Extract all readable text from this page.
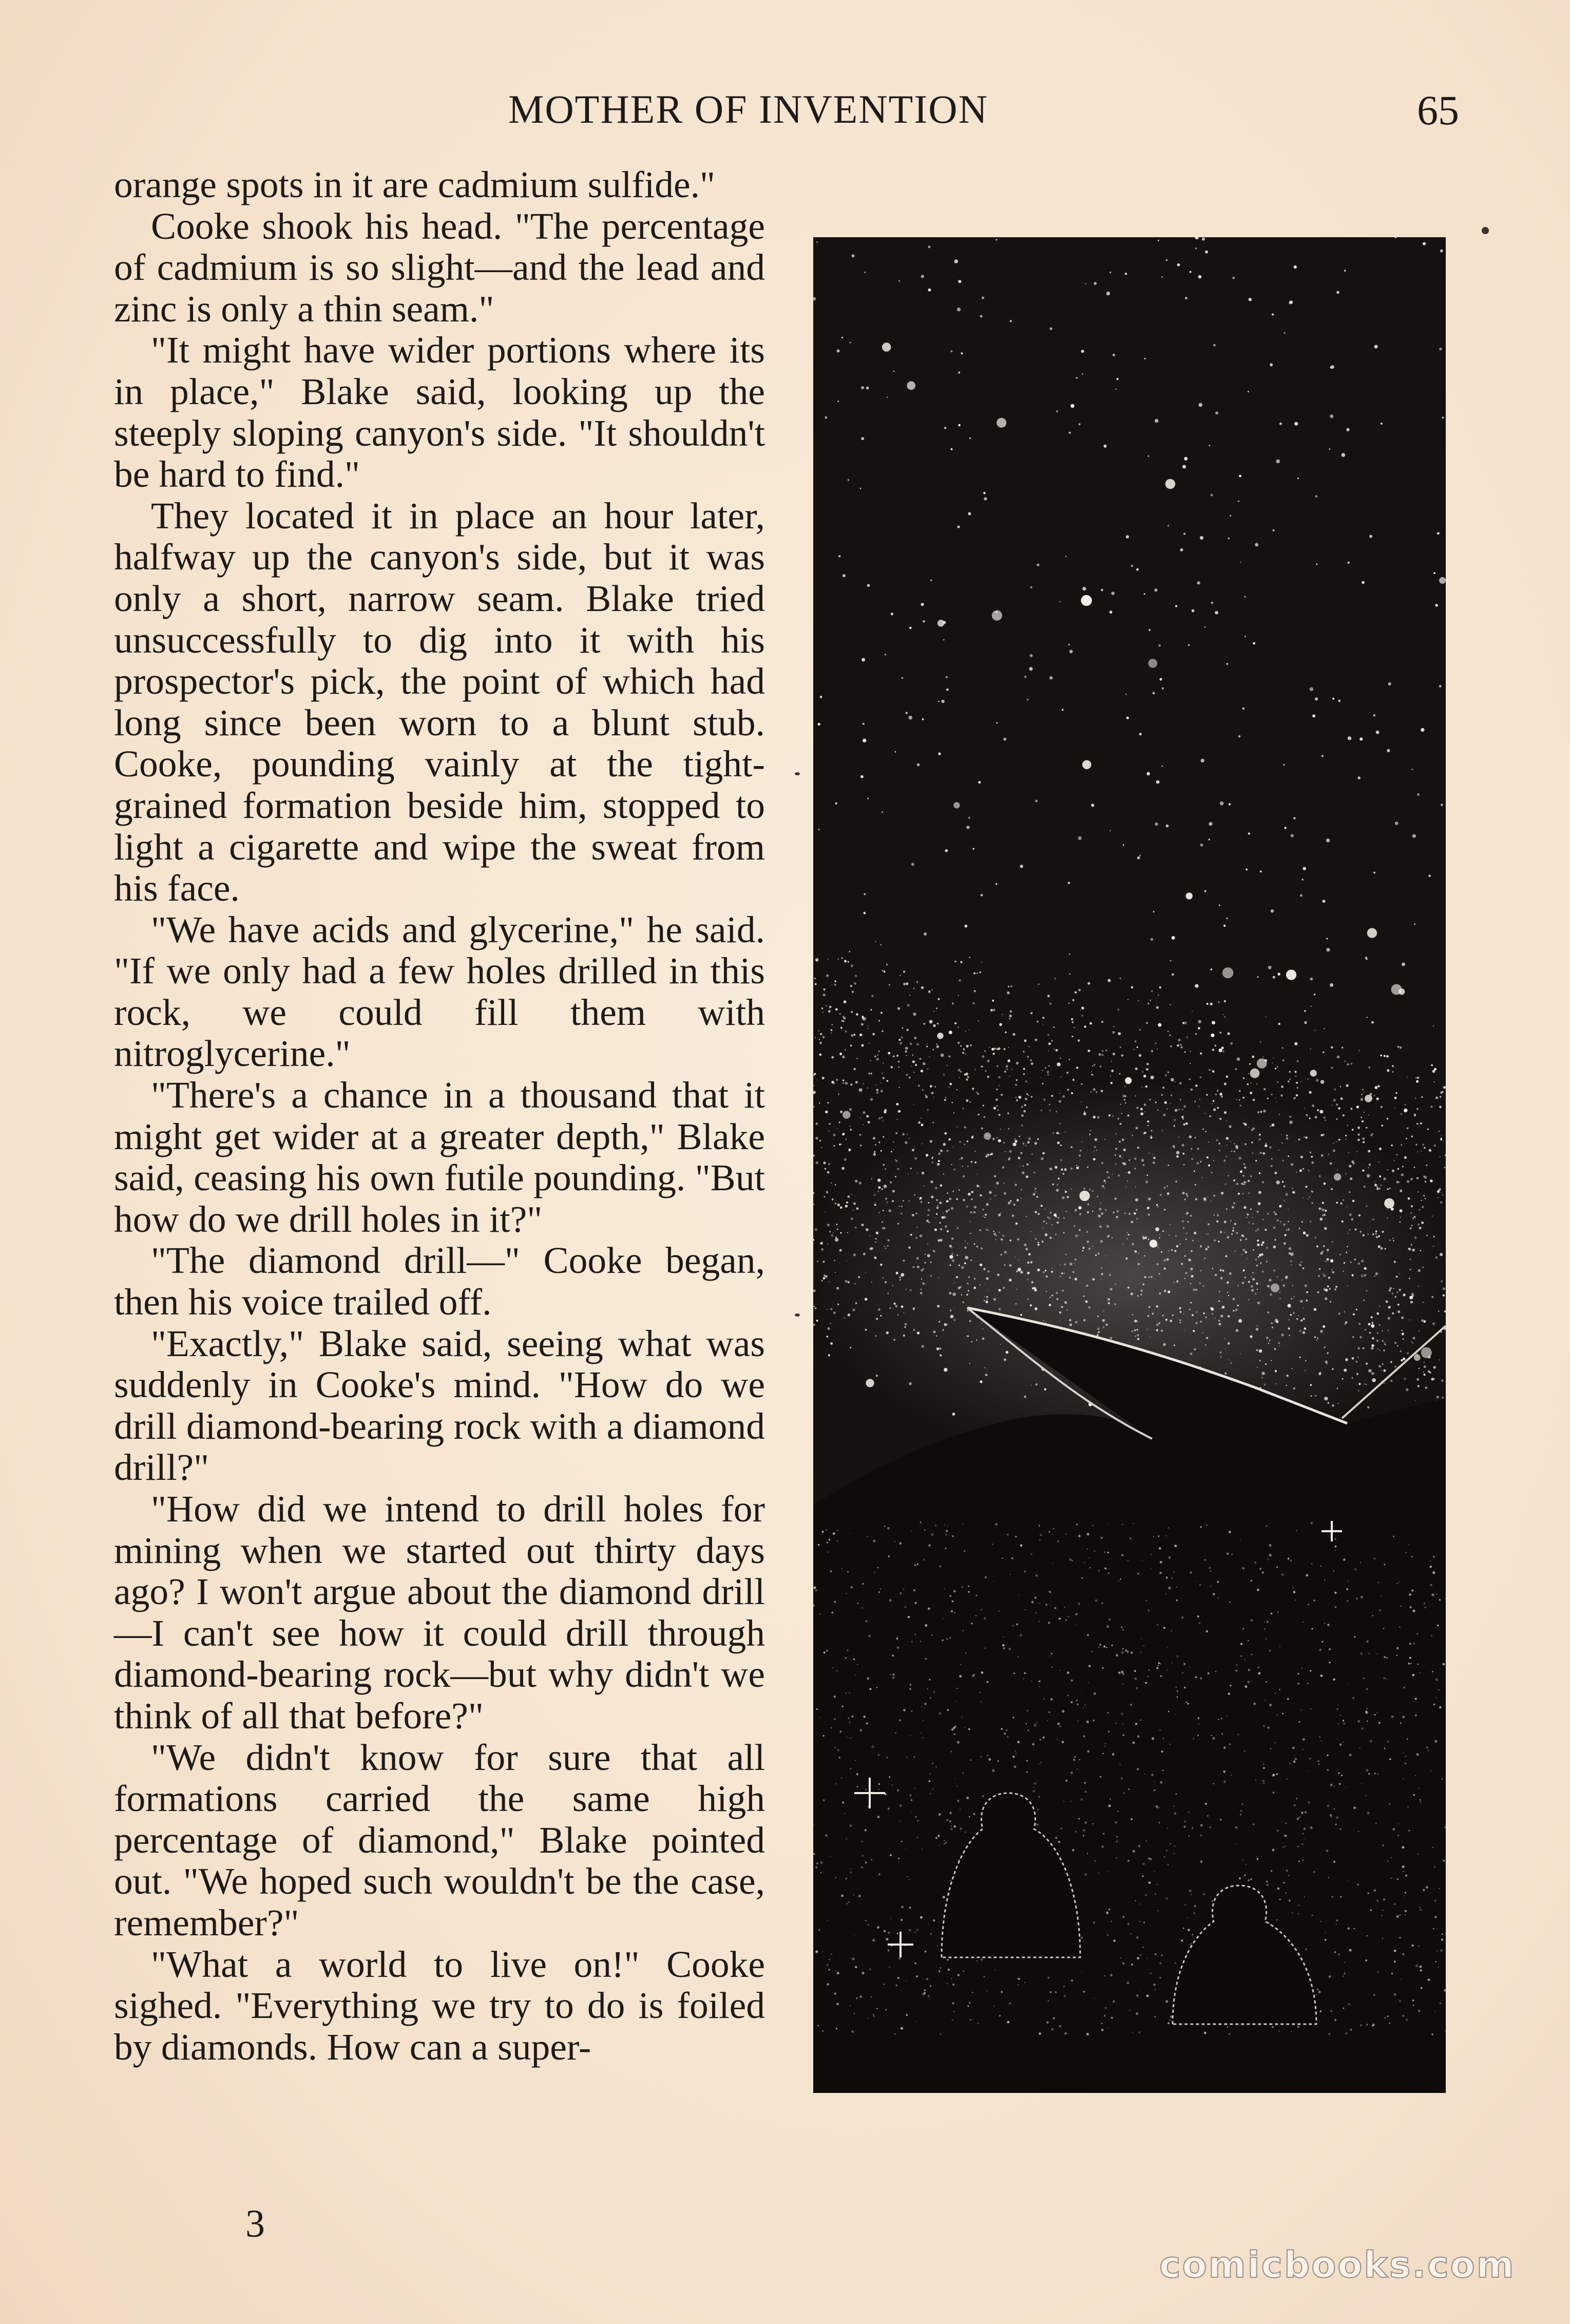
MOTHER OF INVENTION	65

orange spots in it are cadmium sulfide."

Cooke shook his head. "The percentage of cadmium is so slight—and the lead and zinc is only a thin seam."

"It might have wider portions where its in place," Blake said, looking up the steeply sloping canyon's side. "It shouldn't be hard to find."

They located it in place an hour later, halfway up the canyon's side, but it was only a short, narrow seam. Blake tried unsuccessfully to dig into it with his prospector's pick, the point of which had long since been worn to a blunt stub. Cooke, pounding vainly at the tight-grained formation beside him, stopped to light a cigarette and wipe the sweat from his face.

"We have acids and glycerine," he said. "If we only had a few holes drilled in this rock, we could fill them with nitroglycerine."

"There's a chance in a thousand that it might get wider at a greater depth," Blake said, ceasing his own futile pounding. "But how do we drill holes in it?"

"The diamond drill—" Cooke began, then his voice trailed off.

"Exactly," Blake said, seeing what was suddenly in Cooke's mind. "How do we drill diamond-bearing rock with a diamond drill?"

"How did we intend to drill holes for mining when we started out thirty days ago? I won't argue about the diamond drill—I can't see how it could drill through diamond-bearing rock—but why didn't we think of all that before?"

"We didn't know for sure that all formations carried the same high percentage of diamond," Blake pointed out. "We hoped such wouldn't be the case, remember?"

"What a world to live on!" Cooke sighed. "Everything we try to do is foiled by diamonds. How can a super-

3
comicbooks.com
